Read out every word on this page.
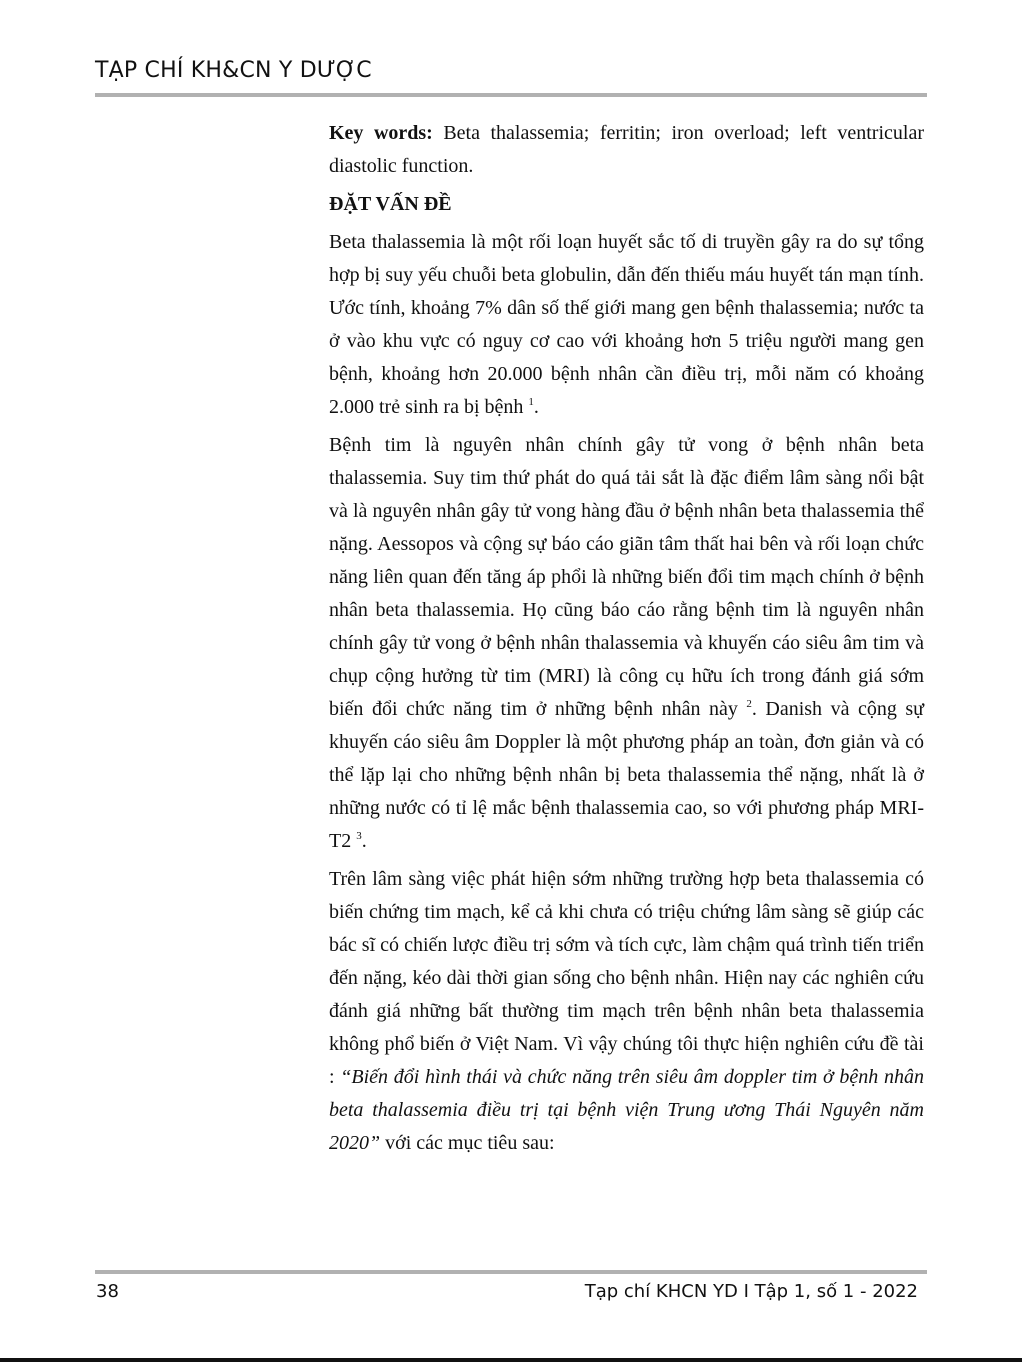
TẠP CHÍ KH&CN Y DƯỢC

Key words: Beta thalassemia; ferritin; iron overload; left ventricular diastolic function.

ĐẶT VẤN ĐỀ

Beta thalassemia là một rối loạn huyết sắc tố di truyền gây ra do sự tổng hợp bị suy yếu chuỗi beta globulin, dẫn đến thiếu máu huyết tán mạn tính. Ước tính, khoảng 7% dân số thế giới mang gen bệnh thalassemia; nước ta ở vào khu vực có nguy cơ cao với khoảng hơn 5 triệu người mang gen bệnh, khoảng hơn 20.000 bệnh nhân cần điều trị, mỗi năm có khoảng 2.000 trẻ sinh ra bị bệnh $^1$.

Bệnh tim là nguyên nhân chính gây tử vong ở bệnh nhân beta thalassemia. Suy tim thứ phát do quá tải sắt là đặc điểm lâm sàng nổi bật và là nguyên nhân gây tử vong hàng đầu ở bệnh nhân beta thalassemia thể nặng. Aessopos và cộng sự báo cáo giãn tâm thất hai bên và rối loạn chức năng liên quan đến tăng áp phổi là những biến đổi tim mạch chính ở bệnh nhân beta thalassemia. Họ cũng báo cáo rằng bệnh tim là nguyên nhân chính gây tử vong ở bệnh nhân thalassemia và khuyến cáo siêu âm tim và chụp cộng hưởng từ tim (MRI) là công cụ hữu ích trong đánh giá sớm biến đổi chức năng tim ở những bệnh nhân này $^2$. Danish và cộng sự khuyến cáo siêu âm Doppler là một phương pháp an toàn, đơn giản và có thể lặp lại cho những bệnh nhân bị beta thalassemia thể nặng, nhất là ở những nước có tỉ lệ mắc bệnh thalassemia cao, so với phương pháp MRI-T2 $^3$.

Trên lâm sàng việc phát hiện sớm những trường hợp beta thalassemia có biến chứng tim mạch, kể cả khi chưa có triệu chứng lâm sàng sẽ giúp các bác sĩ có chiến lược điều trị sớm và tích cực, làm chậm quá trình tiến triển đến nặng, kéo dài thời gian sống cho bệnh nhân. Hiện nay các nghiên cứu đánh giá những bất thường tim mạch trên bệnh nhân beta thalassemia không phổ biến ở Việt Nam. Vì vậy chúng tôi thực hiện nghiên cứu đề tài : “Biến đổi hình thái và chức năng trên siêu âm doppler tim ở bệnh nhân beta thalassemia điều trị tại bệnh viện Trung ương Thái Nguyên năm 2020” với các mục tiêu sau:

38	Tạp chí KHCN YD I Tập 1, số 1 - 2022
